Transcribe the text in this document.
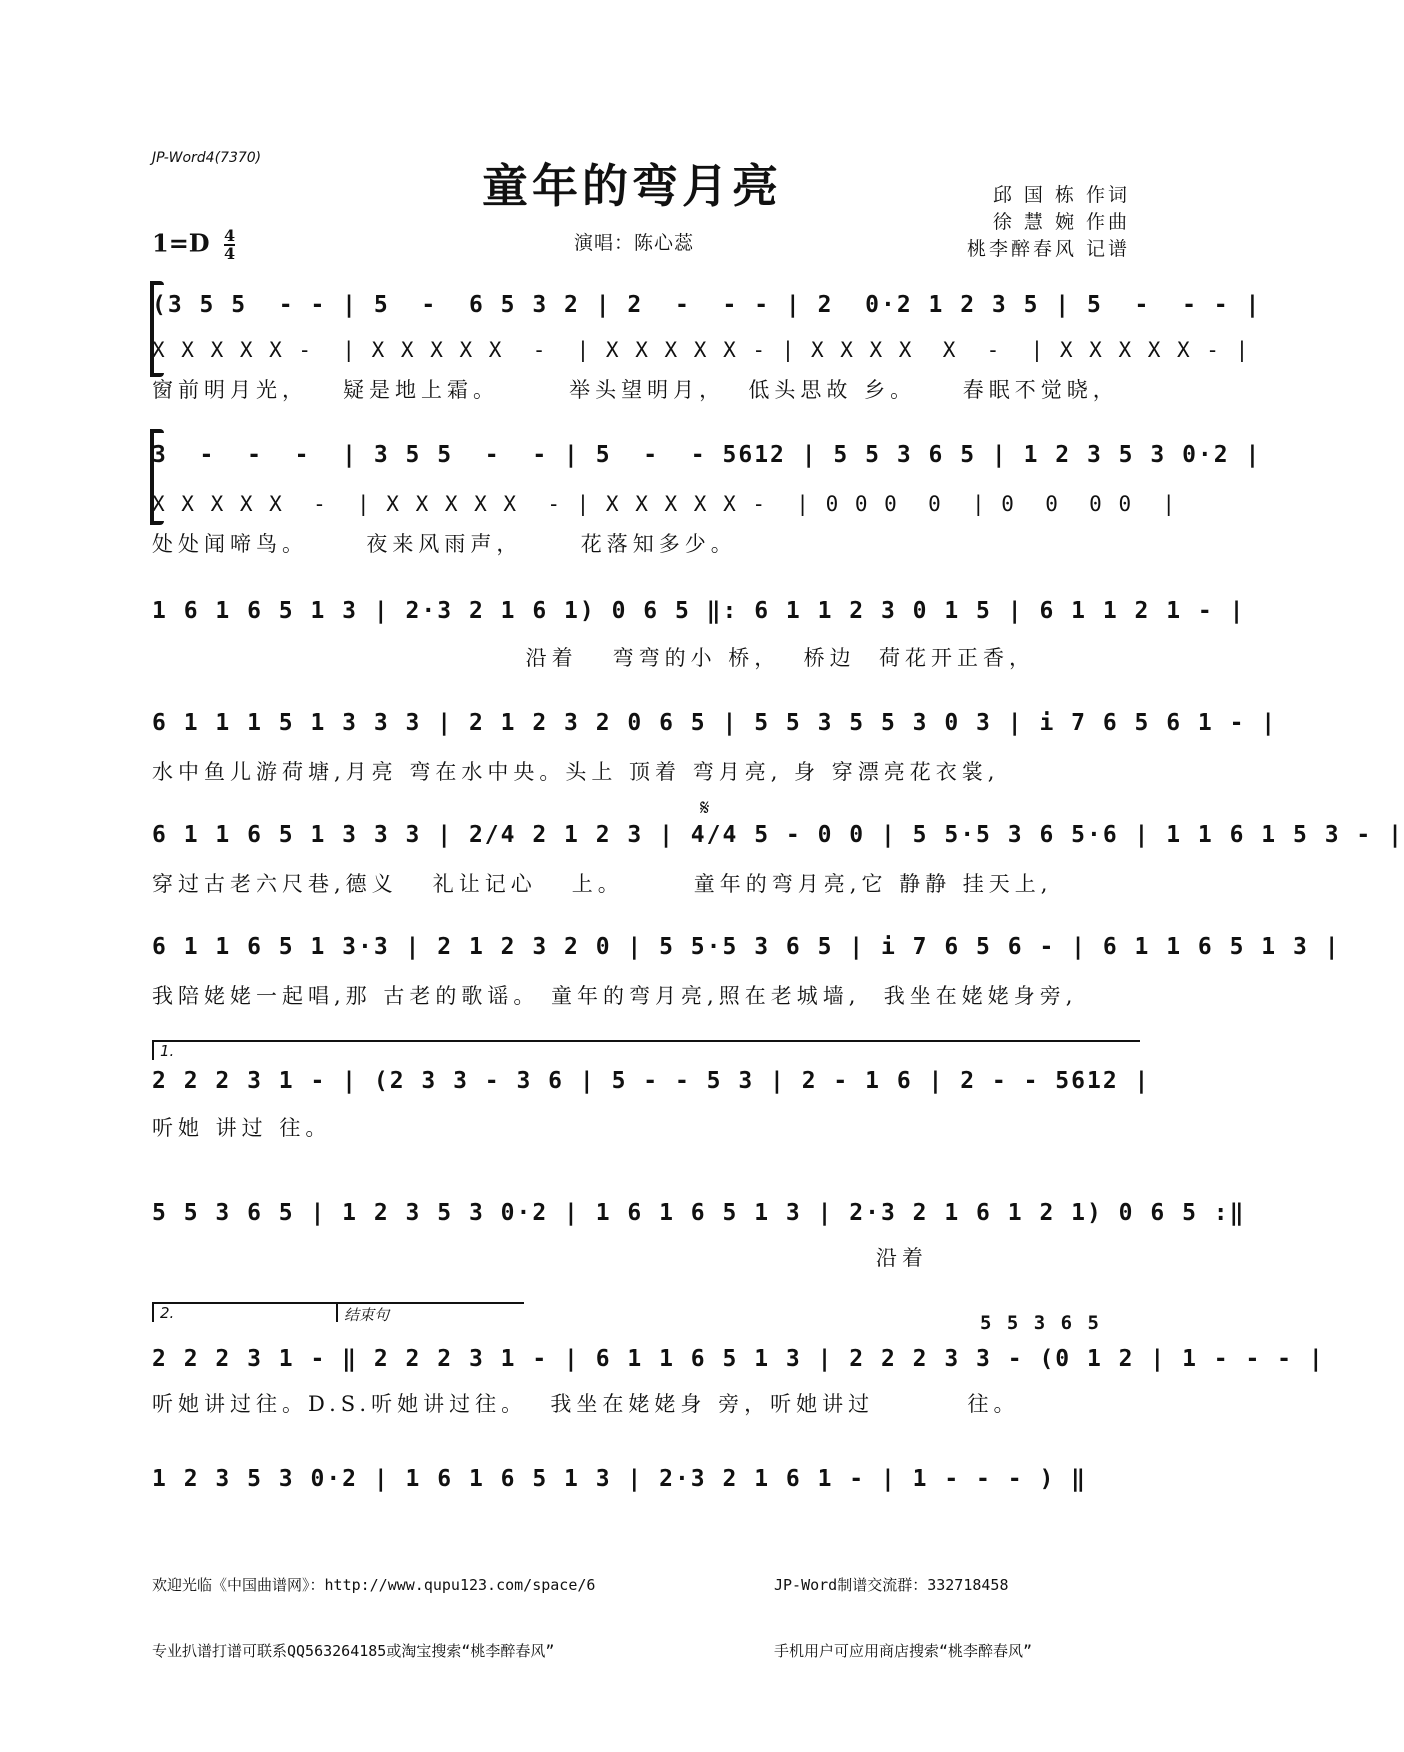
JP-Word4(7370)
童年的弯月亮
$1=D \frac{4}{4}$	演唱：陈心蕊
邱 国 栋 作词
徐 慧 婉 作曲
桃李醉春风 记谱
(3 5 5  - - | 5  -  6 5 3 2 | 2  -  - - | 2  0·2 1 2 3 5 | 5  -  - - |
X X X X X -  | X X X X X  -  | X X X X X - | X X X X  X  -  | X X X X X - |
窗前明月光，   疑是地上霜。      举头望明月，  低头思故 乡。    春眠不觉晓，
3  -  -  -  | 3 5 5  -  - | 5  -  - 5612 | 5 5 3 6 5 | 1 2 3 5 3 0·2 |
X X X X X  -  | X X X X X  - | X X X X X -  | 0 0 0  0  | 0  0  0 0  |
处处闻啼鸟。     夜来风雨声，     花落知多少。
1 6 1 6 5 1 3 | 2·3 2 1 6 1) 0 6 5 ‖: 6 1 1 2 3 0 1 5 | 6 1 1 2 1 - |
沿着   弯弯的小 桥，  桥边  荷花开正香，
6 1 1 1 5 1 3 3 3 | 2 1 2 3 2 0 6 5 | 5 5 3 5 5 3 0 3 | i 7 6 5 6 1 - |
水中鱼儿游荷塘,月亮 弯在水中央。头上 顶着 弯月亮, 身 穿漂亮花衣裳,
𝄋
6 1 1 6 5 1 3 3 3 | 2/4 2 1 2 3 | 4/4 5 - 0 0 | 5 5·5 3 6 5·6 | 1 1 6 1 5 3 - |
穿过古老六尺巷,德义   礼让记心   上。      童年的弯月亮,它 静静 挂天上,
6 1 1 6 5 1 3·3 | 2 1 2 3 2 0 | 5 5·5 3 6 5 | i 7 6 5 6 - | 6 1 1 6 5 1 3 |
我陪姥姥一起唱,那 古老的歌谣。 童年的弯月亮,照在老城墙,  我坐在姥姥身旁,
1.
2 2 2 3 1 - | (2 3 3 - 3 6 | 5 - - 5 3 | 2 - 1 6 | 2 - - 5612 |
听她 讲过 往。
5 5 3 6 5 | 1 2 3 5 3 0·2 | 1 6 1 6 5 1 3 | 2·3 2 1 6 1 2 1) 0 6 5 :‖
沿着
2.	结束句	5 5 3 6 5
2 2 2 3 1 - ‖ 2 2 2 3 1 - | 6 1 1 6 5 1 3 | 2 2 2 3 3 - (0 1 2 | 1 - - - |
听她讲过往。D.S.听她讲过往。  我坐在姥姥身 旁，听她讲过        往。
1 2 3 5 3 0·2 | 1 6 1 6 5 1 3 | 2·3 2 1 6 1 - | 1 - - - ) ‖

欢迎光临《中国曲谱网》：http://www.qupu123.com/space/6

专业扒谱打谱可联系QQ563264185或淘宝搜索“桃李醉春风”

JP-Word制谱交流群：332718458

手机用户可应用商店搜索“桃李醉春风”
